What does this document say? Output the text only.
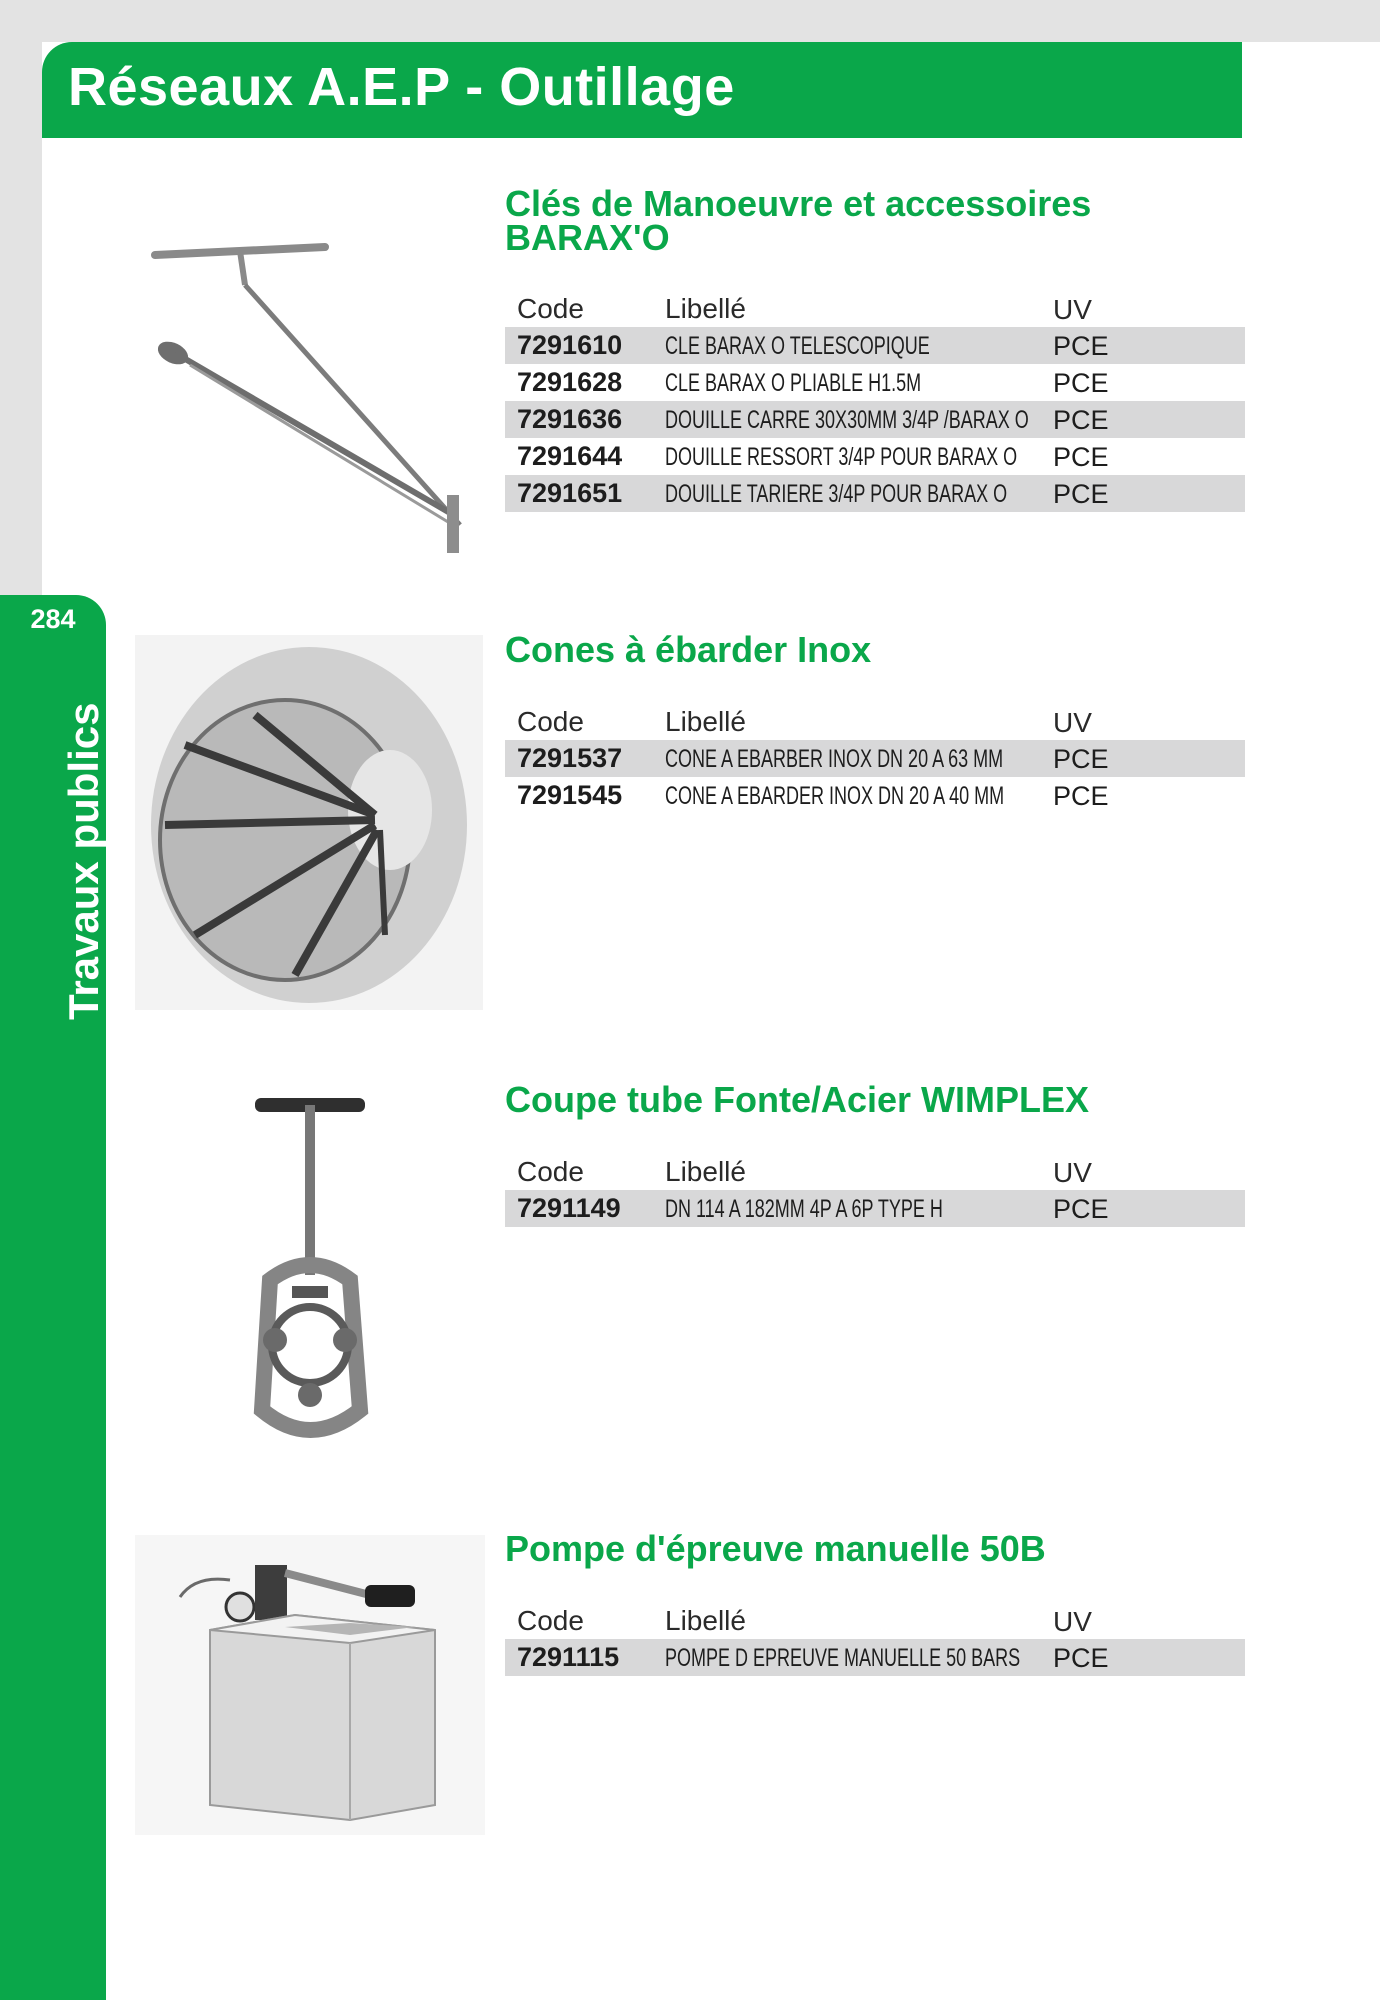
284
Travaux publics
Réseaux A.E.P - Outillage
Clés de Manoeuvre et accessoires
BARAX'O
Code	Libellé	UV
7291610 CLE BARAX O TELESCOPIQUE	PCE
7291628 CLE BARAX O PLIABLE H1.5M	PCE
7291636 DOUILLE CARRE 30X30MM 3/4P /BARAX O PCE
7291644 DOUILLE RESSORT 3/4P POUR BARAX O PCE
7291651 DOUILLE TARIERE 3/4P POUR BARAX O PCE
Cones à ébarder Inox
Code	Libellé	UV
7291537 CONE A EBARBER INOX DN 20 A 63 MM PCE
7291545 CONE A EBARDER INOX DN 20 A 40 MM PCE
Coupe tube Fonte/Acier WIMPLEX
Code	Libellé	UV
7291149 DN 114 A 182MM 4P A 6P TYPE H	PCE
Pompe d'épreuve manuelle 50B
Code	Libellé	UV
7291115 POMPE D EPREUVE MANUELLE 50 BARS PCE
